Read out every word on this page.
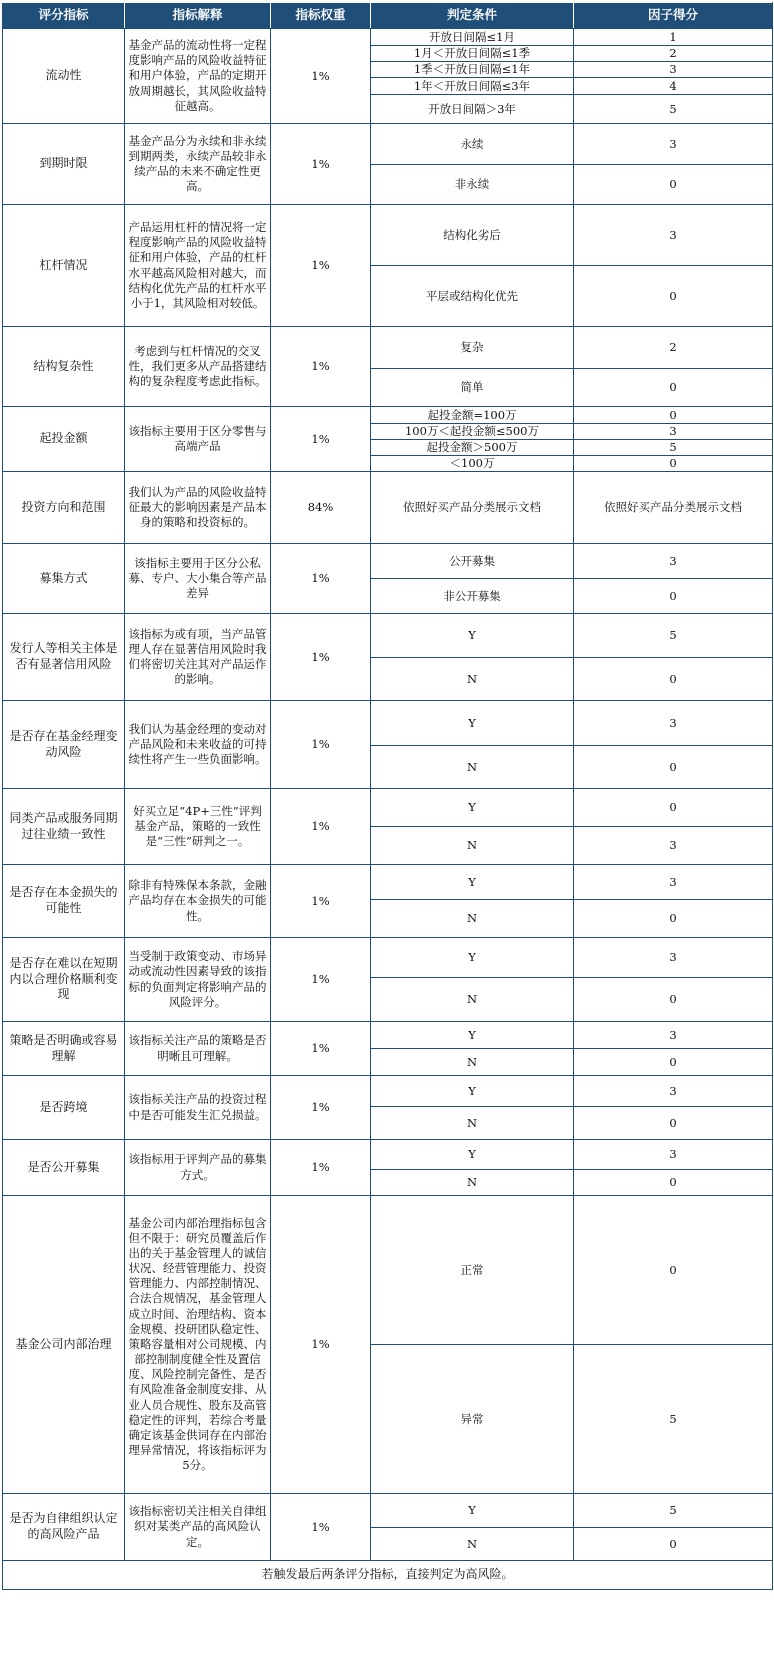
评分指标	指标解释	指标权重	判定条件	因子得分
流动性	基金产品的流动性将一定程度影响产品的风险收益特征和用户体验，产品的定期开放周期越长，其风险收益特征越高。	1%	开放日间隔≤1月	1
			1月＜开放日间隔≤1季	2
			1季＜开放日间隔≤1年	3
			1年＜开放日间隔≤3年	4
			开放日间隔＞3年	5
到期时限	基金产品分为永续和非永续到期两类，永续产品较非永续产品的未来不确定性更高。	1%	永续	3
			非永续	0
杠杆情况	产品运用杠杆的情况将一定程度影响产品的风险收益特征和用户体验，产品的杠杆水平越高风险相对越大，而结构化优先产品的杠杆水平小于1，其风险相对较低。	1%	结构化劣后	3
			平层或结构化优先	0
结构复杂性	考虑到与杠杆情况的交叉性，我们更多从产品搭建结构的复杂程度考虑此指标。	1%	复杂	2
			简单	0
起投金额	该指标主要用于区分零售与高端产品	1%	起投金额=100万	0
			100万＜起投金额≤500万	3
			起投金额＞500万	5
			＜100万	0
投资方向和范围	我们认为产品的风险收益特征最大的影响因素是产品本身的策略和投资标的。	84%	依照好买产品分类展示文档	依照好买产品分类展示文档
募集方式	该指标主要用于区分公私募、专户、大小集合等产品差异	1%	公开募集	3
			非公开募集	0
发行人等相关主体是否有显著信用风险	该指标为或有项，当产品管理人存在显著信用风险时我们将密切关注其对产品运作的影响。	1%	Y	5
			N	0
是否存在基金经理变动风险	我们认为基金经理的变动对产品风险和未来收益的可持续性将产生一些负面影响。	1%	Y	3
			N	0
同类产品或服务同期过往业绩一致性	好买立足“4P+三性”评判基金产品，策略的一致性是“三性”研判之一。	1%	Y	0
			N	3
是否存在本金损失的可能性	除非有特殊保本条款，金融产品均存在本金损失的可能性。	1%	Y	3
			N	0
是否存在难以在短期内以合理价格顺利变现	当受制于政策变动、市场异动或流动性因素导致的该指标的负面判定将影响产品的风险评分。	1%	Y	3
			N	0
策略是否明确或容易理解	该指标关注产品的策略是否明晰且可理解。	1%	Y	3
			N	0
是否跨境	该指标关注产品的投资过程中是否可能发生汇兑损益。	1%	Y	3
			N	0
是否公开募集	该指标用于评判产品的募集方式。	1%	Y	3
			N	0
基金公司内部治理	基金公司内部治理指标包含但不限于：研究员覆盖后作出的关于基金管理人的诚信状况、经营管理能力、投资管理能力、内部控制情况、合法合规情况，基金管理人成立时间、治理结构、资本金规模、投研团队稳定性、策略容量相对公司规模、内部控制制度健全性及置信度、风险控制完备性、是否有风险准备金制度安排、从业人员合规性、股东及高管稳定性的评判，若综合考量确定该基金供词存在内部治理异常情况，将该指标评为5分。	1%	正常	0
			异常	5
是否为自律组织认定的高风险产品	该指标密切关注相关自律组织对某类产品的高风险认定。	1%	Y	5
			N	0
若触发最后两条评分指标，直接判定为高风险。				
